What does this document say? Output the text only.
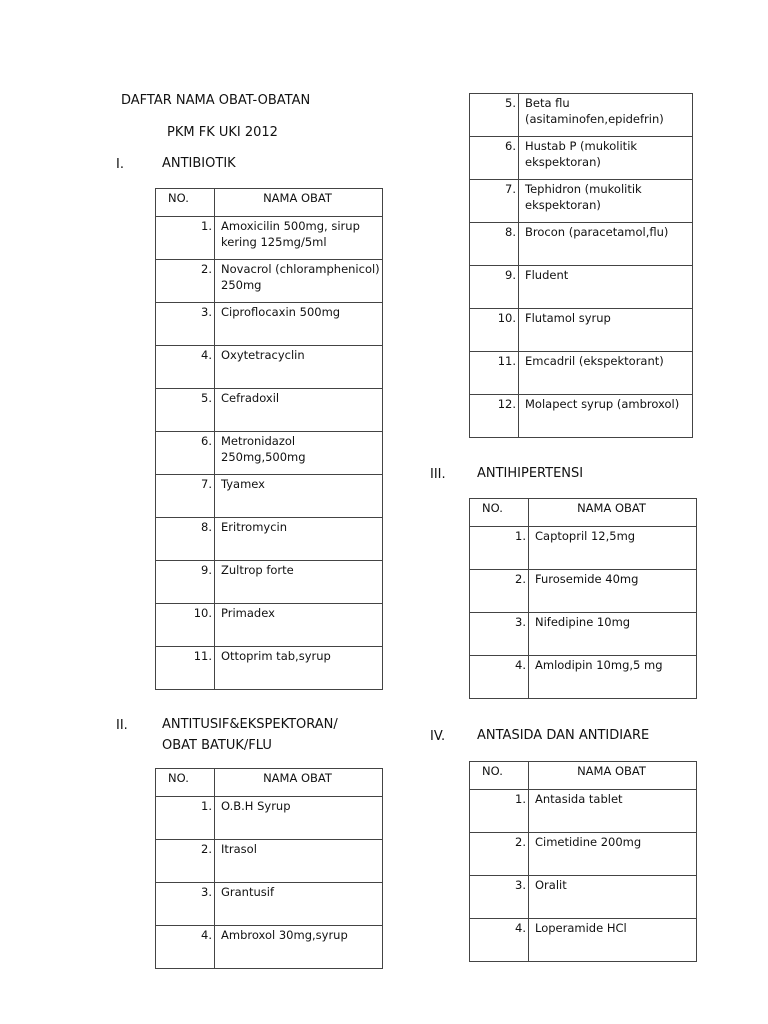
DAFTAR NAMA OBAT-OBATAN
PKM FK UKI 2012
I.	ANTIBIOTIK
NO.	NAMA OBAT
1.	Amoxicilin 500mg, sirup kering 125mg/5ml
2.	Novacrol (chloramphenicol) 250mg
3.	Ciproflocaxin 500mg
4.	Oxytetracyclin
5.	Cefradoxil
6.	Metronidazol 250mg,500mg
7.	Tyamex
8.	Eritromycin
9.	Zultrop forte
10.	Primadex
11.	Ottoprim tab,syrup
II.	ANTITUSIF&EKSPEKTORAN/
OBAT BATUK/FLU
NO.	NAMA OBAT
1.	O.B.H Syrup
2.	Itrasol
3.	Grantusif
4.	Ambroxol 30mg,syrup
5.	Beta flu (asitaminofen,epidefrin)
6.	Hustab P (mukolitik ekspektoran)
7.	Tephidron (mukolitik ekspektoran)
8.	Brocon (paracetamol,flu)
9.	Fludent
10.	Flutamol syrup
11.	Emcadril (ekspektorant)
12.	Molapect syrup (ambroxol)
III. ANTIHIPERTENSI
NO.	NAMA OBAT
1.	Captopril 12,5mg
2.	Furosemide 40mg
3.	Nifedipine 10mg
4.	Amlodipin 10mg,5 mg
IV. ANTASIDA DAN ANTIDIARE
NO.	NAMA OBAT
1.	Antasida tablet
2.	Cimetidine 200mg
3.	Oralit
4.	Loperamide HCl
